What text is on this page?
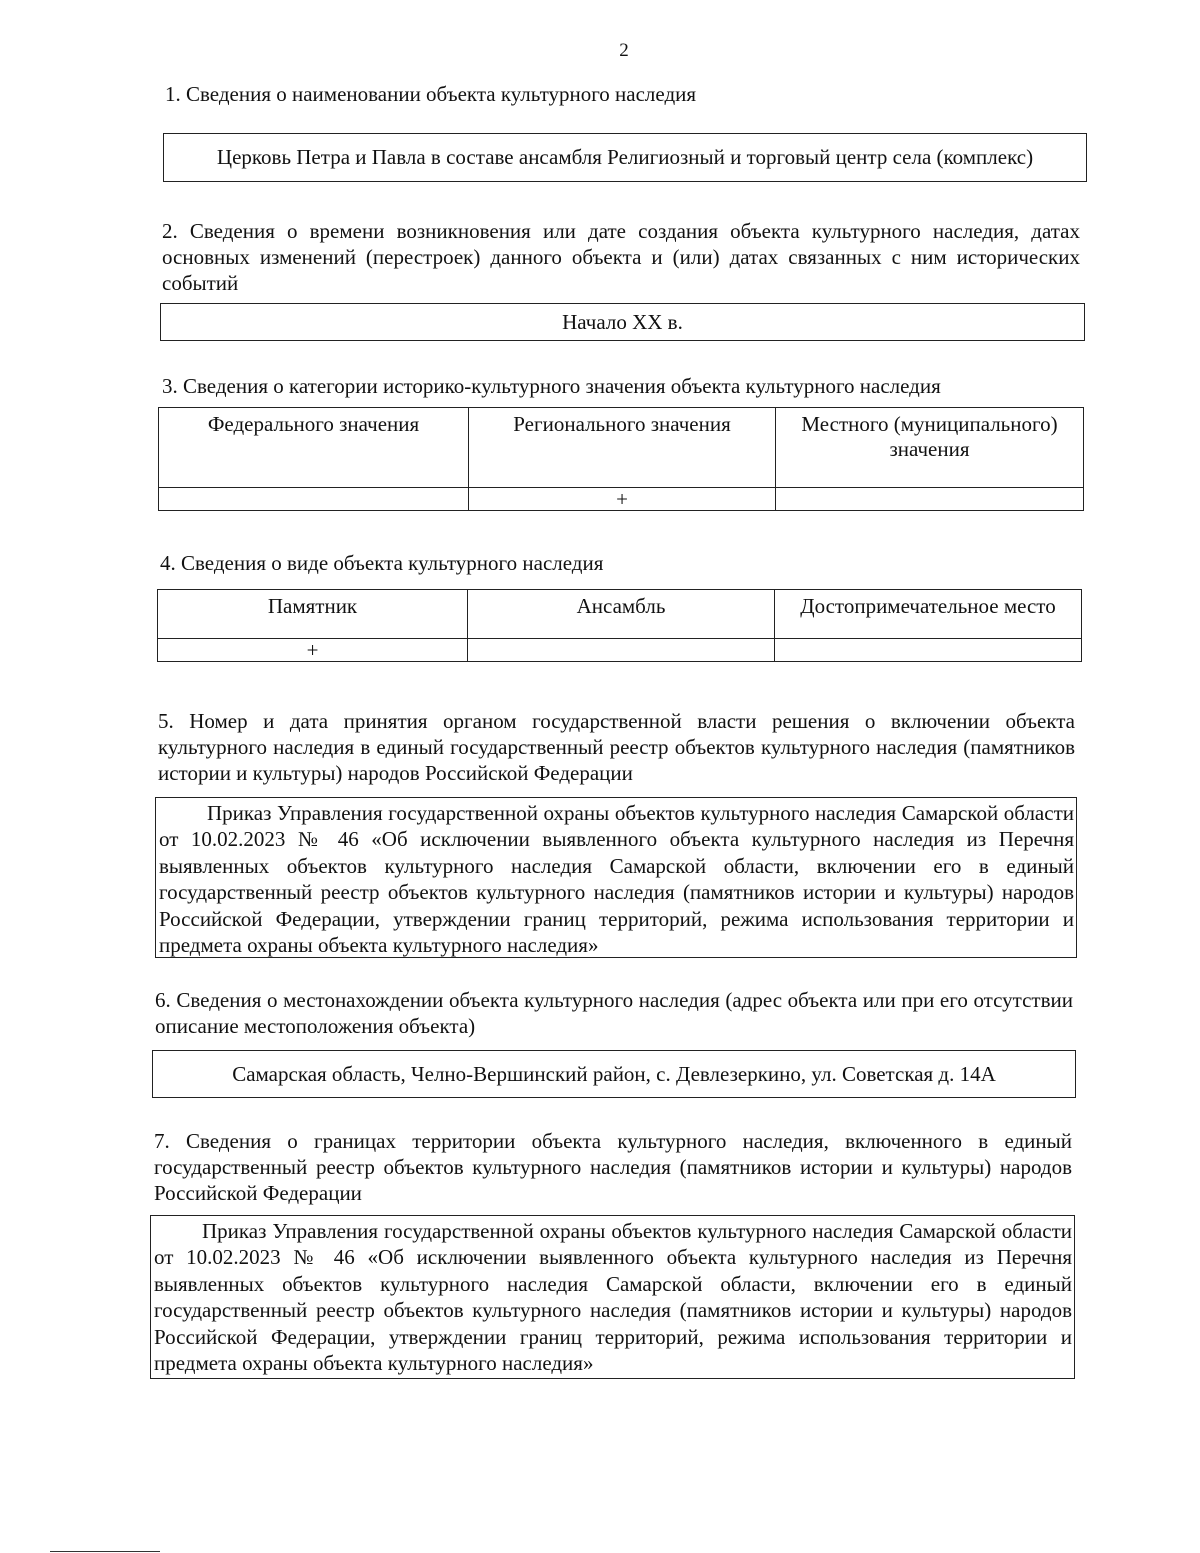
2
1. Сведения о наименовании объекта культурного наследия
Церковь Петра и Павла в составе ансамбля Религиозный и торговый центр села (комплекс)
2. Сведения о времени возникновения или дате создания объекта культурного наследия, датах основных изменений (перестроек) данного объекта и (или) датах связанных с ним исторических событий
Начало XX в.
3. Сведения о категории историко-культурного значения объекта культурного наследия
Федерального значения	Регионального значения	Местного (муниципального) значения
	+	
4. Сведения о виде объекта культурного наследия
Памятник	Ансамбль	Достопримечательное место
+		
5. Номер и дата принятия органом государственной власти решения о включении объекта культурного наследия в единый государственный реестр объектов культурного наследия (памятников истории и культуры) народов Российской Федерации
Приказ Управления государственной охраны объектов культурного наследия Самарской области от 10.02.2023 № 46 «Об исключении выявленного объекта культурного наследия из Перечня выявленных объектов культурного наследия Самарской области, включении его в единый государственный реестр объектов культурного наследия (памятников истории и культуры) народов Российской Федерации, утверждении границ территорий, режима использования территории и предмета охраны объекта культурного наследия»
6. Сведения о местонахождении объекта культурного наследия (адрес объекта или при его отсутствии описание местоположения объекта)
Самарская область, Челно-Вершинский район, с. Девлезеркино, ул. Советская д. 14А
7. Сведения о границах территории объекта культурного наследия, включенного в единый государственный реестр объектов культурного наследия (памятников истории и культуры) народов Российской Федерации
Приказ Управления государственной охраны объектов культурного наследия Самарской области от 10.02.2023 № 46 «Об исключении выявленного объекта культурного наследия из Перечня выявленных объектов культурного наследия Самарской области, включении его в единый государственный реестр объектов культурного наследия (памятников истории и культуры) народов Российской Федерации, утверждении границ территорий, режима использования территории и предмета охраны объекта культурного наследия»
